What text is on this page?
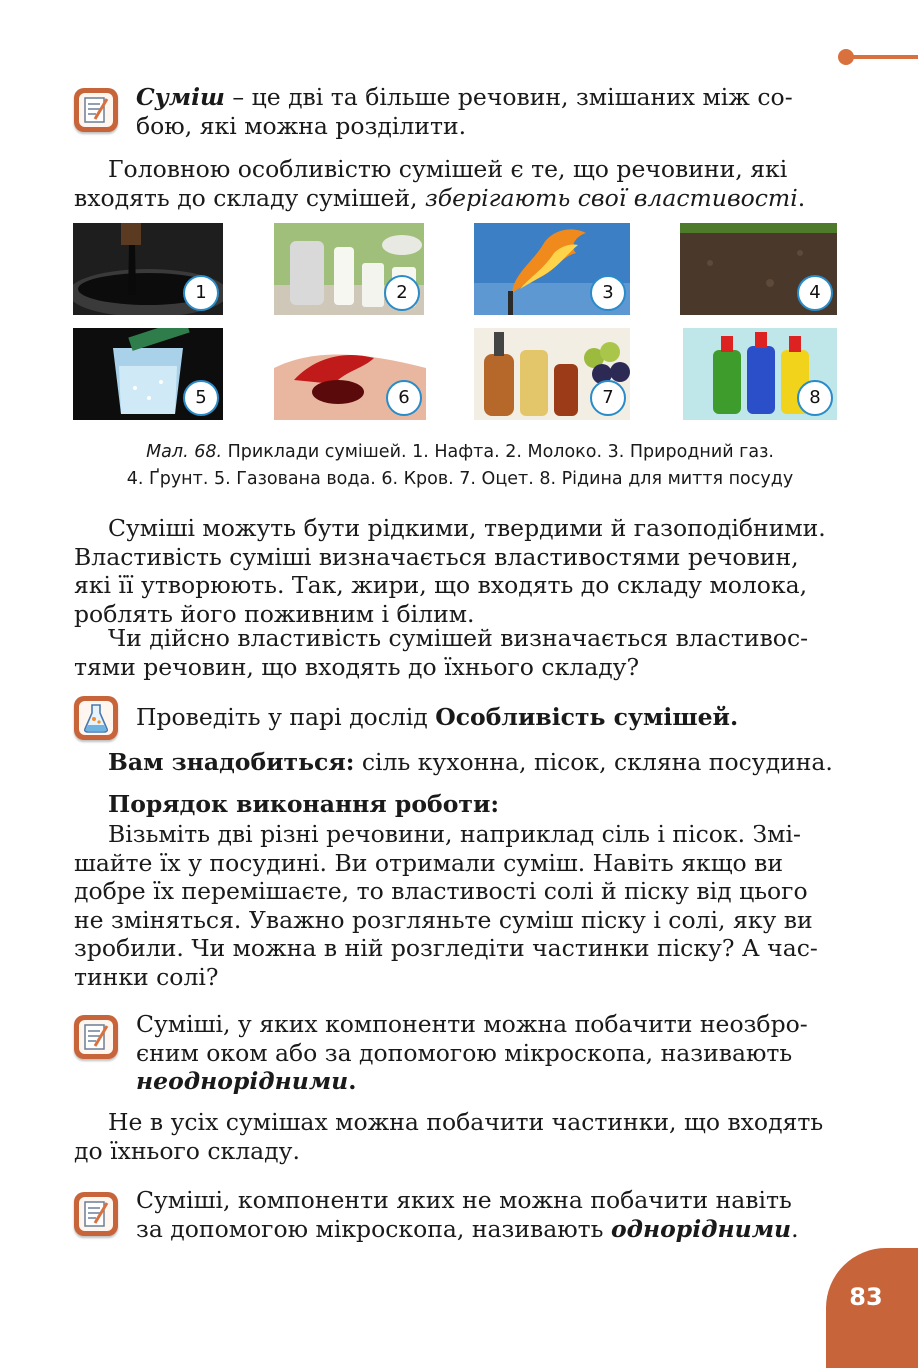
Суміш – це дві та більше речовин, змішаних між со-
бою, які можна розділити.
Головною особливістю сумішей є те, що речовини, які
входять до складу сумішей, зберігають свої властивості.
1	2	3	4
5	6	7	8
Мал. 68. Приклади сумішей. 1. Нафта. 2. Молоко. 3. Природний газ.
4. Ґрунт. 5. Газована вода. 6. Кров. 7. Оцет. 8. Рідина для миття посуду
Суміші можуть бути рідкими, твердими й газоподібними.
Властивість суміші визначається властивостями речовин,
які її утворюють. Так, жири, що входять до складу молока,
роблять його поживним і білим.
Чи дійсно властивість сумішей визначається властивос-
тями речовин, що входять до їхнього складу?
Проведіть у парі дослід Особливість сумішей.
Вам знадобиться: сіль кухонна, пісок, скляна посудина.
Порядок виконання роботи:
Візьміть дві різні речовини, наприклад сіль і пісок. Змі-
шайте їх у посудині. Ви отримали суміш. Навіть якщо ви
добре їх перемішаєте, то властивості солі й піску від цього
не зміняться. Уважно розгляньте суміш піску і солі, яку ви
зробили. Чи можна в ній розгледіти частинки піску? А час-
тинки солі?
Суміші, у яких компоненти можна побачити неозбро-
єним оком або за допомогою мікроскопа, називають
неоднорідними.
Не в усіх сумішах можна побачити частинки, що входять
до їхнього складу.
Суміші, компоненти яких не можна побачити навіть
за допомогою мікроскопа, називають однорідними.
83
